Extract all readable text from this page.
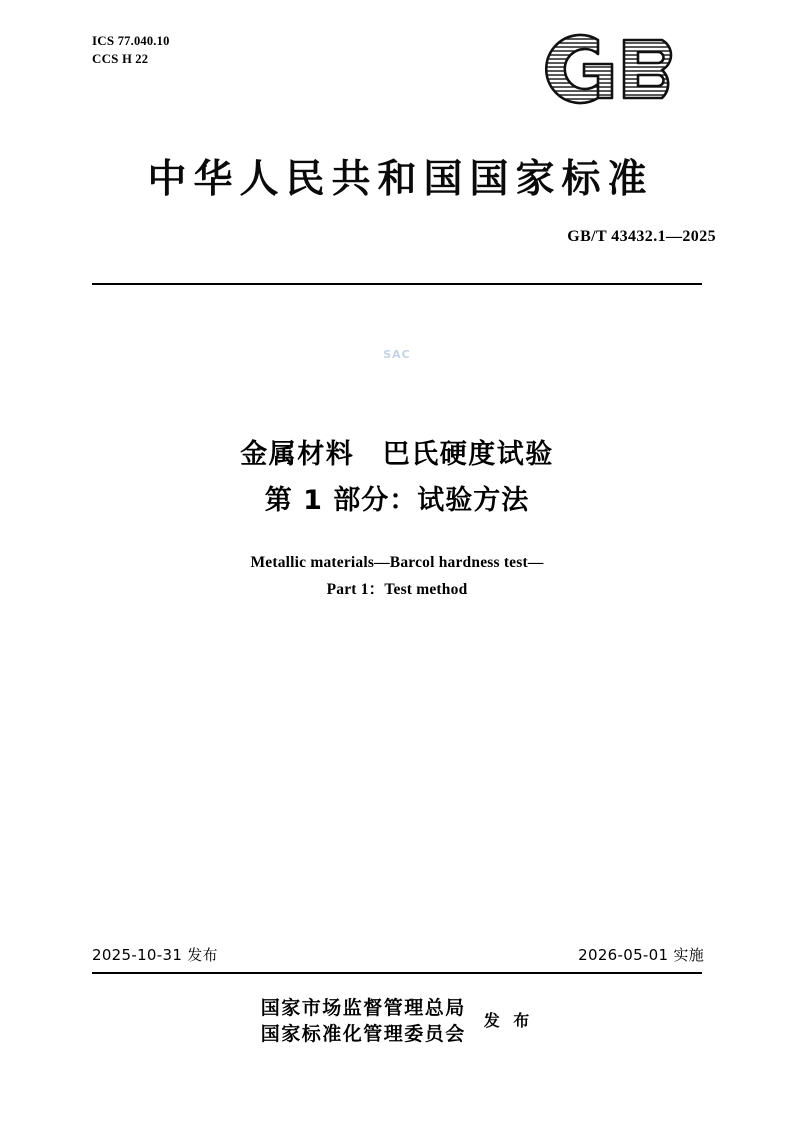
ICS 77.040.10
CCS H 22
中华人民共和国国家标准
GB/T 43432.1—2025
SAC
金属材料　巴氏硬度试验
第 1 部分：试验方法
Metallic materials—Barcol hardness test—
Part 1：Test method
2025-10-31 发布	2026-05-01 实施
国家市场监督管理总局
国家标准化管理委员会
发 布
